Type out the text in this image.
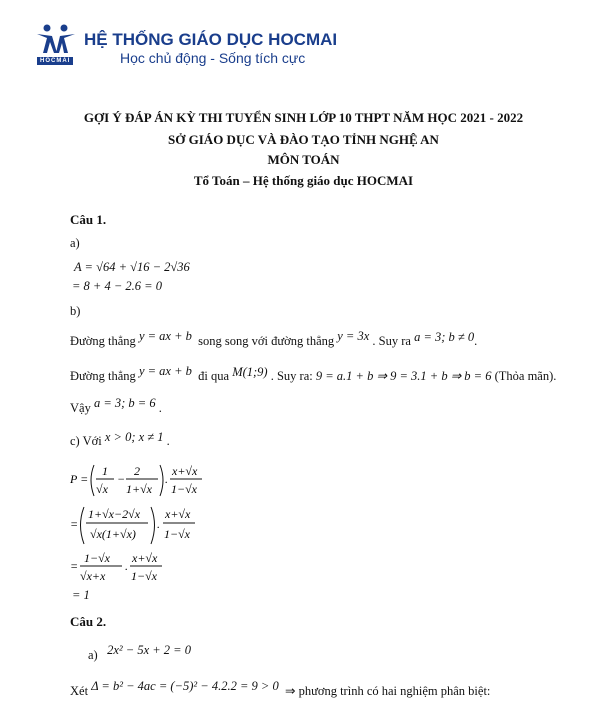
HOCMAI
HỆ THỐNG GIÁO DỤC HOCMAI
Học chủ động - Sống tích cực
GỢI Ý ĐÁP ÁN KỲ THI TUYỂN SINH LỚP 10 THPT NĂM HỌC 2021 - 2022
SỞ GIÁO DỤC VÀ ĐÀO TẠO TỈNH NGHỆ AN
MÔN TOÁN
Tổ Toán – Hệ thống giáo dục HOCMAI
Câu 1.
a)
A = √64 + √16 − 2√36
= 8 + 4 − 2.6 = 0
b)
Đường thẳng y = ax + b song song với đường thẳng y = 3x . Suy ra a = 3; b ≠ 0.
Đường thẳng y = ax + b đi qua M(1;9) . Suy ra: 9 = a.1 + b ⇒ 9 = 3.1 + b ⇒ b = 6 (Thỏa mãn).
Vậy a = 3; b = 6 .
c) Với x > 0; x ≠ 1 .
P =
1
√x
−
2
1+√x
.
x+√x
1−√x
=
1+√x−2√x
√x(1+√x)
.
x+√x
1−√x
=
1−√x
√x+x
.
x+√x
1−√x
= 1
Câu 2.
a) 2x² − 5x + 2 = 0
Xét Δ = b² − 4ac = (−5)² − 4.2.2 = 9 > 0 ⇒ phương trình có hai nghiệm phân biệt:
